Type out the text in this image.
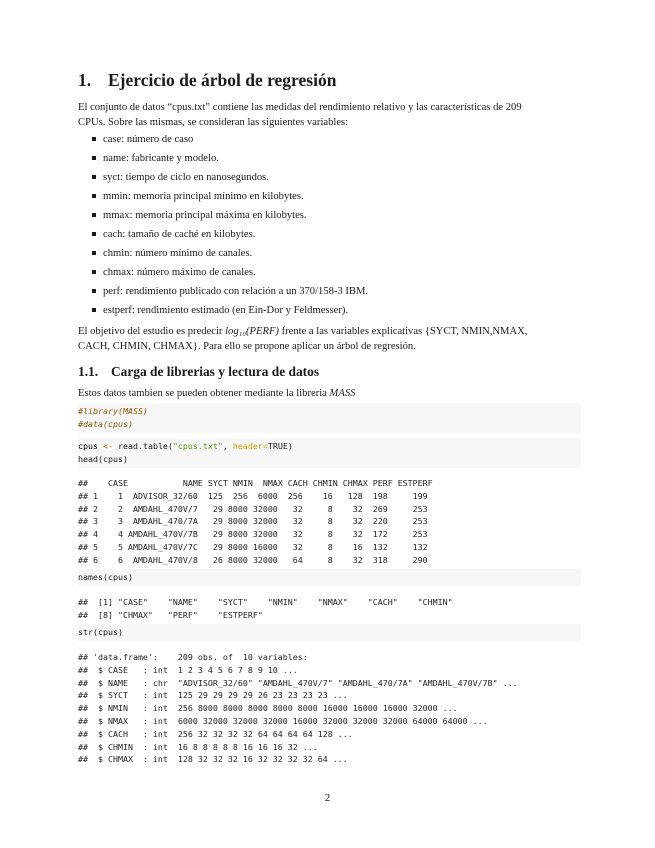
1. Ejercicio de árbol de regresión

El conjunto de datos “cpus.txt” contiene las medidas del rendimiento relativo y las características de 209
CPUs. Sobre las mismas, se consideran las siguientes variables:

case: número de caso
name: fabricante y modelo.
syct: tiempo de ciclo en nanosegundos.
mmin: memoria principal mínimo en kilobytes.
mmax: memoria principal máxima en kilobytes.
cach: tamaño de caché en kilobytes.
chmin: número mínimo de canales.
chmax: número máximo de canales.
perf: rendimiento publicado con relación a un 370/158-3 IBM.
estperf: rendimiento estimado (en Ein-Dor y Feldmesser).

El objetivo del estudio es predecir log₁₀(PERF) frente a las variables explicativas {SYCT, NMIN,NMAX,
CACH, CHMIN, CHMAX}. Para ello se propone aplicar un árbol de regresión.

1.1. Carga de librerias y lectura de datos

Estos datos tambien se pueden obtener mediante la libreria MASS

#library(MASS)
#data(cpus)
cpus <- read.table("cpus.txt", header=TRUE)
head(cpus)
##    CASE           NAME SYCT NMIN  NMAX CACH CHMIN CHMAX PERF ESTPERF
## 1    1  ADVISOR_32/60  125  256  6000  256    16   128  198     199
## 2    2  AMDAHL_470V/7   29 8000 32000   32     8    32  269     253
## 3    3  AMDAHL_470/7A   29 8000 32000   32     8    32  220     253
## 4    4 AMDAHL_470V/7B   29 8000 32000   32     8    32  172     253
## 5    5 AMDAHL_470V/7C   29 8000 16000   32     8    16  132     132
## 6    6  AMDAHL_470V/8   26 8000 32000   64     8    32  318     290
names(cpus)
##  [1] "CASE"    "NAME"    "SYCT"    "NMIN"    "NMAX"    "CACH"    "CHMIN"
##  [8] "CHMAX"   "PERF"    "ESTPERF"
str(cpus)
## 'data.frame':    209 obs. of  10 variables:
##  $ CASE   : int  1 2 3 4 5 6 7 8 9 10 ...
##  $ NAME   : chr  "ADVISOR_32/60" "AMDAHL_470V/7" "AMDAHL_470/7A" "AMDAHL_470V/7B" ...
##  $ SYCT   : int  125 29 29 29 29 26 23 23 23 23 ...
##  $ NMIN   : int  256 8000 8000 8000 8000 8000 16000 16000 16000 32000 ...
##  $ NMAX   : int  6000 32000 32000 32000 16000 32000 32000 32000 64000 64000 ...
##  $ CACH   : int  256 32 32 32 32 64 64 64 64 128 ...
##  $ CHMIN  : int  16 8 8 8 8 8 16 16 16 32 ...
##  $ CHMAX  : int  128 32 32 32 16 32 32 32 32 64 ...
2
